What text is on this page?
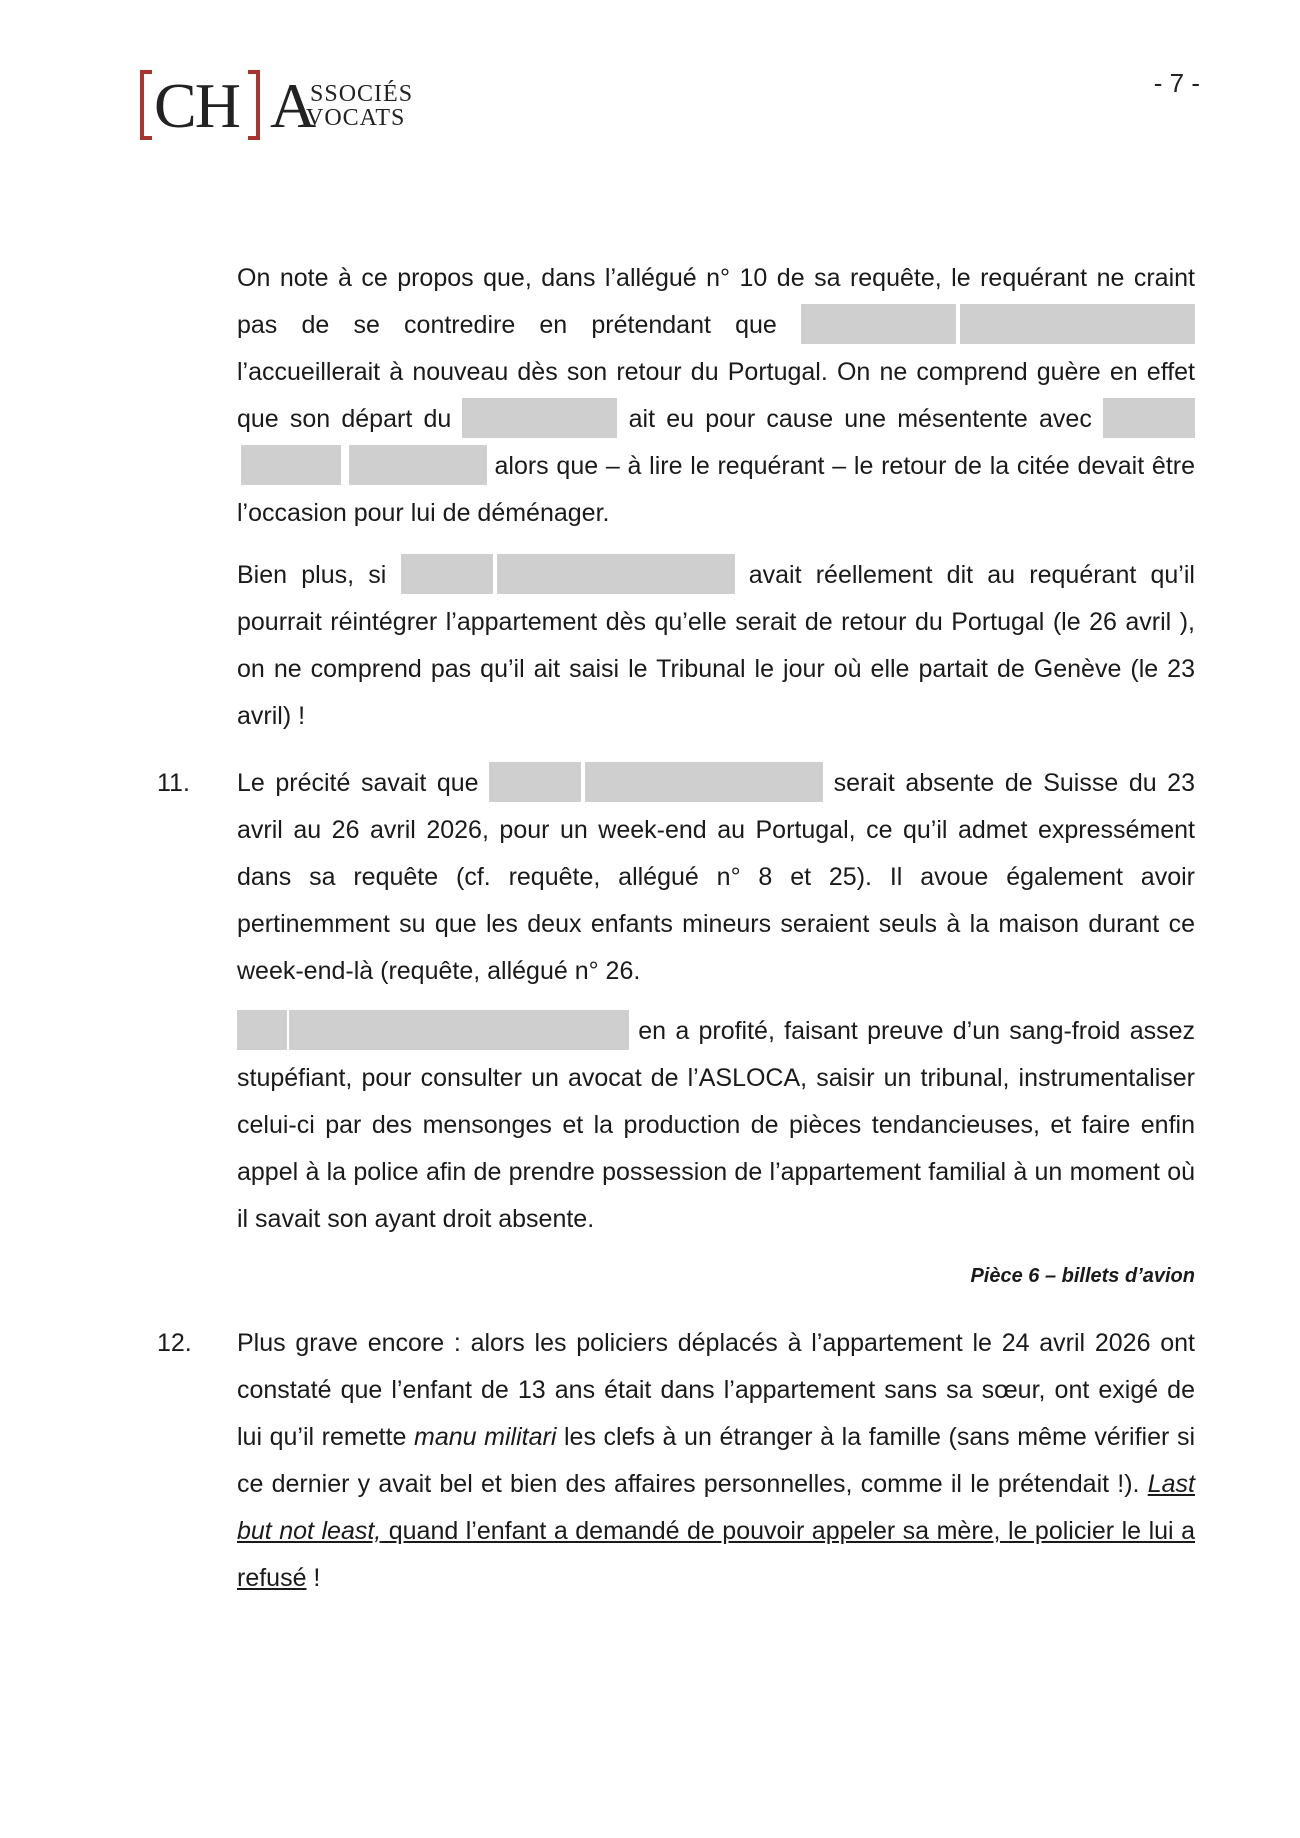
CH A
SSOCIÉS
VOCATS
- 7 -
On note à ce propos que, dans l’allégué n° 10 de sa requête, le requérant ne craint pas de se contredire en prétendant que  l’accueillerait à nouveau dès son retour du Portugal. On ne comprend guère en effet que son départ du	ait eu pour cause une mésentente avec   alors que – à lire le requérant – le retour de la citée devait être l’occasion pour lui de déménager.
Bien plus, si	avait réellement dit au requérant qu’il pourrait réintégrer l’appartement dès qu’elle serait de retour du Portugal (le 26 avril ), on ne comprend pas qu’il ait saisi le Tribunal le jour où elle partait de Genève (le 23 avril) !
11. Le précité savait que	serait absente de Suisse du 23 avril au 26 avril 2026, pour un week-end au Portugal, ce qu’il admet expressément dans sa requête (cf. requête, allégué n° 8 et 25). Il avoue également avoir pertinemment su que les deux enfants mineurs seraient seuls à la maison durant ce week-end-là (requête, allégué n° 26.
en a profité, faisant preuve d’un sang-froid assez stupéfiant, pour consulter un avocat de l’ASLOCA, saisir un tribunal, instrumentaliser celui-ci par des mensonges et la production de pièces tendancieuses, et faire enfin appel à la police afin de prendre possession de l’appartement familial à un moment où il savait son ayant droit absente.
Pièce 6 – billets d’avion
12. Plus grave encore : alors les policiers déplacés à l’appartement le 24 avril 2026 ont constaté que l’enfant de 13 ans était dans l’appartement sans sa sœur, ont exigé de lui qu’il remette manu militari les clefs à un étranger à la famille (sans même vérifier si ce dernier y avait bel et bien des affaires personnelles, comme il le prétendait !). Last but not least, quand l’enfant a demandé de pouvoir appeler sa mère, le policier le lui a refusé !
